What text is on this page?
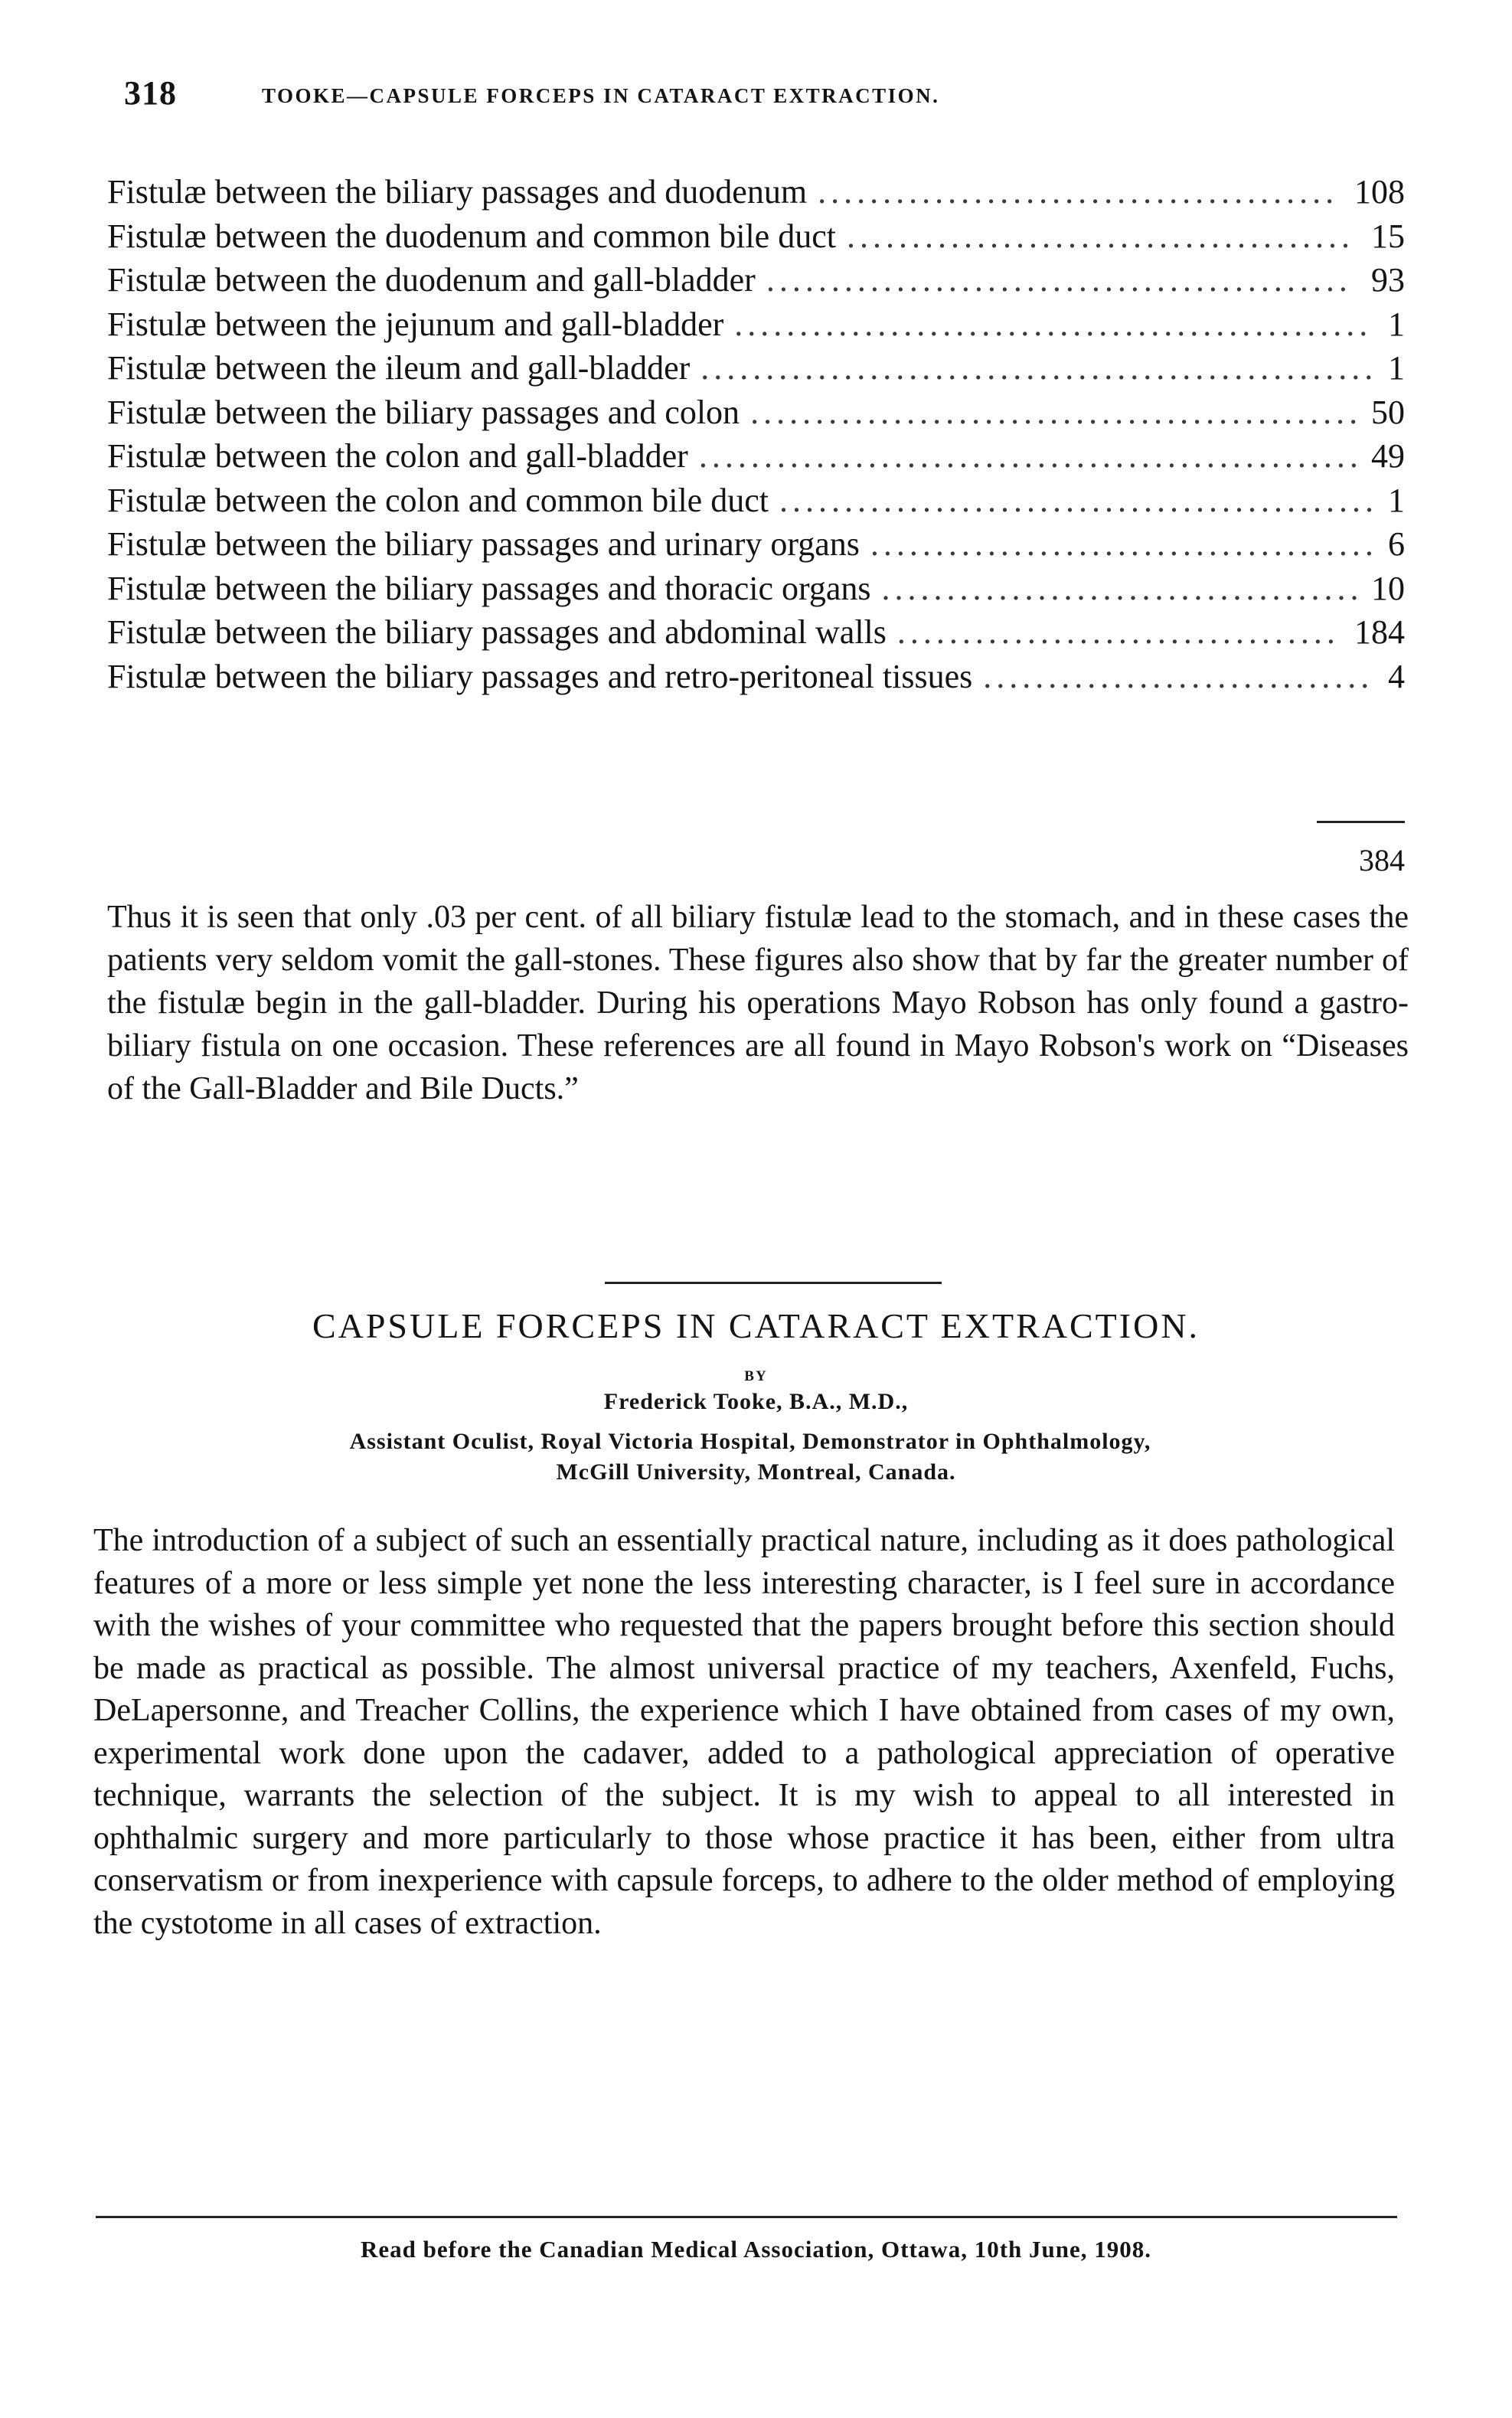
318	TOOKE—CAPSULE FORCEPS IN CATARACT EXTRACTION.
Fistulæ between the biliary passages and duodenum ........................................ 108
Fistulæ between the duodenum and common bile duct ....................................... 15
Fistulæ between the duodenum and gall-bladder ............................................. 93
Fistulæ between the jejunum and gall-bladder ................................................. 1
Fistulæ between the ileum and gall-bladder .................................................... 1
Fistulæ between the biliary passages and colon ............................................... 50
Fistulæ between the colon and gall-bladder ................................................... 49
Fistulæ between the colon and common bile duct .............................................. 1
Fistulæ between the biliary passages and urinary organs ....................................... 6
Fistulæ between the biliary passages and thoracic organs ..................................... 10
Fistulæ between the biliary passages and abdominal walls .................................. 184
Fistulæ between the biliary passages and retro-peritoneal tissues .............................. 4
384
Thus it is seen that only .03 per cent. of all biliary fistulæ lead to the stomach, and in these cases the patients very seldom vomit the gall-stones. These figures also show that by far the greater number of the fistulæ begin in the gall-bladder. During his operations Mayo Robson has only found a gastro-biliary fistula on one occasion. These references are all found in Mayo Robson's work on “Diseases of the Gall-Bladder and Bile Ducts.”
CAPSULE FORCEPS IN CATARACT EXTRACTION.
BY
Frederick Tooke, B.A., M.D.,
Assistant Oculist, Royal Victoria Hospital, Demonstrator in Ophthalmology,
McGill University, Montreal, Canada.
The introduction of a subject of such an essentially practical nature, including as it does pathological features of a more or less simple yet none the less interesting character, is I feel sure in accordance with the wishes of your committee who requested that the papers brought before this section should be made as practical as possible. The almost universal practice of my teachers, Axenfeld, Fuchs, DeLapersonne, and Treacher Collins, the experience which I have obtained from cases of my own, experimental work done upon the cadaver, added to a pathological appreciation of operative technique, warrants the selection of the subject. It is my wish to appeal to all interested in ophthalmic surgery and more particularly to those whose practice it has been, either from ultra conservatism or from inexperience with capsule forceps, to adhere to the older method of employing the cystotome in all cases of extraction.
Read before the Canadian Medical Association, Ottawa, 10th June, 1908.
